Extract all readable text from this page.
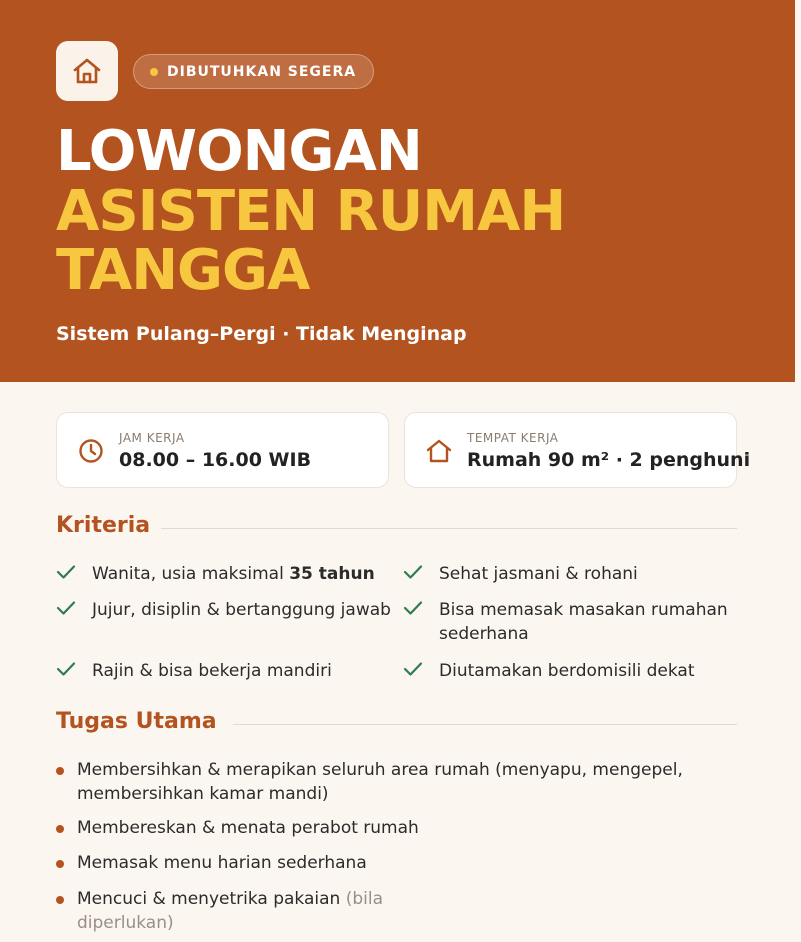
DIBUTUHKAN SEGERA
LOWONGAN
ASISTEN RUMAH
TANGGA
Sistem Pulang–Pergi · Tidak Menginap
JAM KERJA
08.00 – 16.00 WIB
TEMPAT KERJA
Rumah 90 m² · 2 penghuni
Kriteria
Wanita, usia maksimal 35 tahun	Sehat jasmani & rohani
Jujur, disiplin & bertanggung jawab	Bisa memasak masakan rumahan sederhana
Rajin & bisa bekerja mandiri	Diutamakan berdomisili dekat
Tugas Utama
Membersihkan & merapikan seluruh area rumah (menyapu, mengepel, membersihkan kamar mandi)
Membereskan & menata perabot rumah
Memasak menu harian sederhana
Mencuci & menyetrika pakaian (bila diperlukan)
